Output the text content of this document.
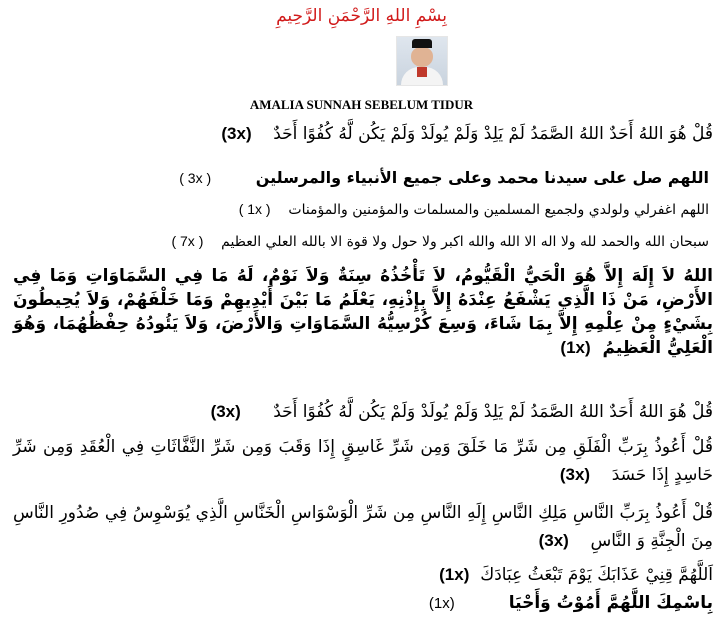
بِسْمِ اللهِ الرَّحْمَنِ الرَّحِيمِ
AMALIA SUNNAH SEBELUM TIDUR
قُلْ هُوَ اللهُ أَحَدٌ اللهُ الصَّمَدُ لَمْ يَلِدْ وَلَمْ يُولَدْ وَلَمْ يَكُن لَّهُ كُفُوًا أَحَدٌ    (3x)
اللهم صل على سيدنا محمد وعلى جميع الأنبياء والمرسلين        ( 3x )
اللهم اغفرلي ولولدي ولجميع المسلمين والمسلمات والمؤمنين والمؤمنات    ( 1x )
سبحان الله والحمد لله ولا اله الا الله والله اكبر ولا حول ولا قوة الا بالله العلي العظيم    ( 7x )
اللهُ لاَ إِلَهَ إِلاَّ هُوَ الْحَيُّ الْقَيُّومُ، لاَ تَأْخُذُهُ سِنَةٌ وَلاَ نَوْمٌ، لَهُ مَا فِي السَّمَاوَاتِ وَمَا فِي الأَرْضِ، مَنْ ذَا الَّذِي يَشْفَعُ عِنْدَهُ إِلاَّ بِإِذْنِهِ، يَعْلَمُ مَا بَيْنَ أَيْدِيهِمْ وَمَا خَلْفَهُمْ، وَلاَ يُحِيطُونَ بِشَيْءٍ مِنْ عِلْمِهِ إِلاَّ بِمَا شَاءَ، وَسِعَ كُرْسِيُّهُ السَّمَاوَاتِ وَالأَرْضَ، وَلاَ يَئُودُهُ حِفْظُهُمَا، وَهُوَ الْعَلِيُّ الْعَظِيمُ  (1x)
قُلْ هُوَ اللهُ أَحَدٌ اللهُ الصَّمَدُ لَمْ يَلِدْ وَلَمْ يُولَدْ وَلَمْ يَكُن لَّهُ كُفُوًا أَحَدٌ      (3x)
قُلْ أَعُوذُ بِرَبِّ الْفَلَقِ مِن شَرِّ مَا خَلَقَ وَمِن شَرِّ غَاسِقٍ إِذَا وَقَبَ وَمِن شَرِّ النَّفَّاثَاتِ فِي الْعُقَدِ وَمِن شَرِّ حَاسِدٍ إِذَا حَسَدَ    (3x)
قُلْ أَعُوذُ بِرَبِّ النَّاسِ مَلِكِ النَّاسِ إِلَهِ النَّاسِ مِن شَرِّ الْوَسْوَاسِ الْخَنَّاسِ الَّذِي يُوَسْوِسُ فِي صُدُورِ النَّاسِ مِنَ الْجِنَّةِ وَ النَّاسِ    (3x)
اَللَّهُمَّ قِنِيْ عَذَابَكَ يَوْمَ تَبْعَثُ عِبَادَكَ  (1x)
بِاسْمِكَ اللَّهُمَّ أَمُوْتُ وَأَحْيَا          (1x)
